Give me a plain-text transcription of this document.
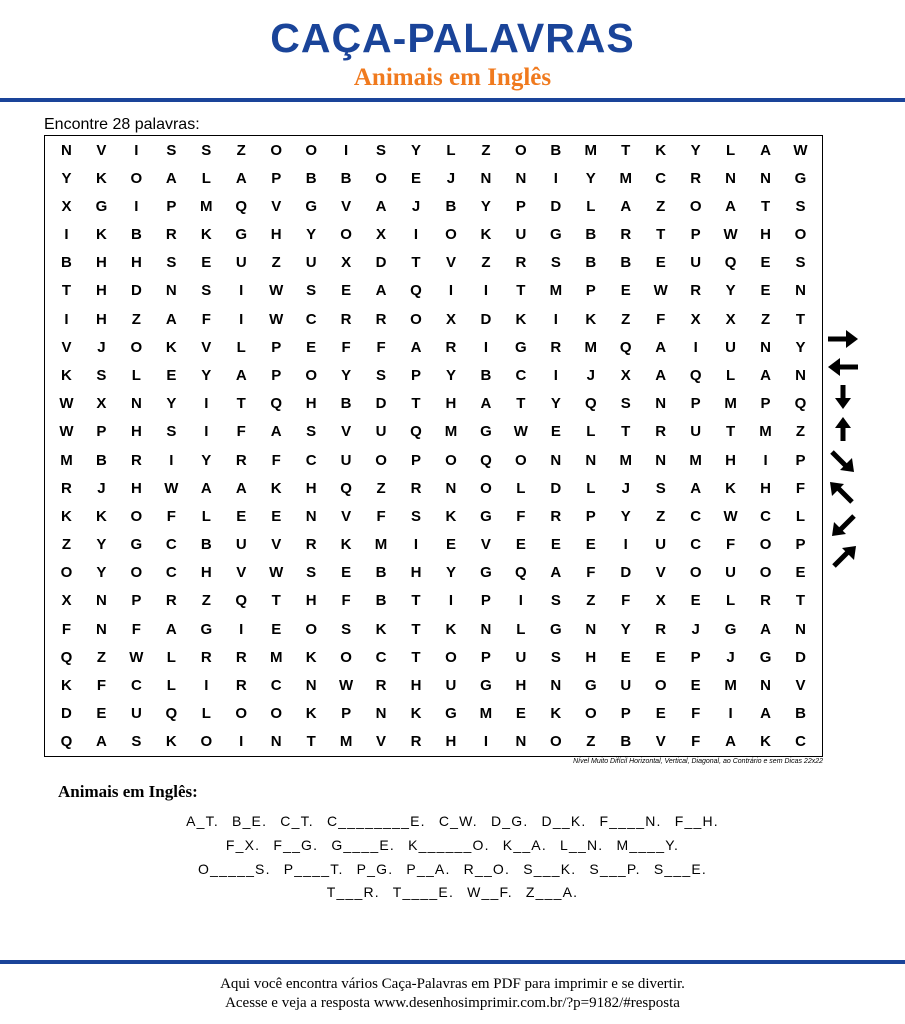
CAÇA-PALAVRAS
Animais em Inglês
Encontre 28 palavras:
N	V	I	S	S	Z	O	O	I	S	Y	L	Z	O	B	M	T	K	Y	L	A	W
Y	K	O	A	L	A	P	B	B	O	E	J	N	N	I	Y	M	C	R	N	N	G
X	G	I	P	M	Q	V	G	V	A	J	B	Y	P	D	L	A	Z	O	A	T	S
I	K	B	R	K	G	H	Y	O	X	I	O	K	U	G	B	R	T	P	W	H	O
B	H	H	S	E	U	Z	U	X	D	T	V	Z	R	S	B	B	E	U	Q	E	S
T	H	D	N	S	I	W	S	E	A	Q	I	I	T	M	P	E	W	R	Y	E	N
I	H	Z	A	F	I	W	C	R	R	O	X	D	K	I	K	Z	F	X	X	Z	T
V	J	O	K	V	L	P	E	F	F	A	R	I	G	R	M	Q	A	I	U	N	Y
K	S	L	E	Y	A	P	O	Y	S	P	Y	B	C	I	J	X	A	Q	L	A	N
W	X	N	Y	I	T	Q	H	B	D	T	H	A	T	Y	Q	S	N	P	M	P	Q
W	P	H	S	I	F	A	S	V	U	Q	M	G	W	E	L	T	R	U	T	M	Z
M	B	R	I	Y	R	F	C	U	O	P	O	Q	O	N	N	M	N	M	H	I	P
R	J	H	W	A	A	K	H	Q	Z	R	N	O	L	D	L	J	S	A	K	H	F
K	K	O	F	L	E	E	N	V	F	S	K	G	F	R	P	Y	Z	C	W	C	L
Z	Y	G	C	B	U	V	R	K	M	I	E	V	E	E	E	I	U	C	F	O	P
O	Y	O	C	H	V	W	S	E	B	H	Y	G	Q	A	F	D	V	O	U	O	E
X	N	P	R	Z	Q	T	H	F	B	T	I	P	I	S	Z	F	X	E	L	R	T
F	N	F	A	G	I	E	O	S	K	T	K	N	L	G	N	Y	R	J	G	A	N
Q	Z	W	L	R	R	M	K	O	C	T	O	P	U	S	H	E	E	P	J	G	D
K	F	C	L	I	R	C	N	W	R	H	U	G	H	N	G	U	O	E	M	N	V
D	E	U	Q	L	O	O	K	P	N	K	G	M	E	K	O	P	E	F	I	A	B
Q	A	S	K	O	I	N	T	M	V	R	H	I	N	O	Z	B	V	F	A	K	C
Nível Muito Difícil Horizontal, Vertical, Diagonal, ao Contrário e sem Dicas 22x22
Animais em Inglês:
A_T. B_E. C_T. C________E. C_W. D_G. D__K. F____N. F__H.
F_X. F__G. G____E. K______O. K__A. L__N. M____Y.
O_____S. P____T. P_G. P__A. R__O. S___K. S___P. S___E.
T___R. T____E. W__F. Z___A.
Aqui você encontra vários Caça-Palavras em PDF para imprimir e se divertir.
Acesse e veja a resposta www.desenhosimprimir.com.br/?p=9182/#resposta
